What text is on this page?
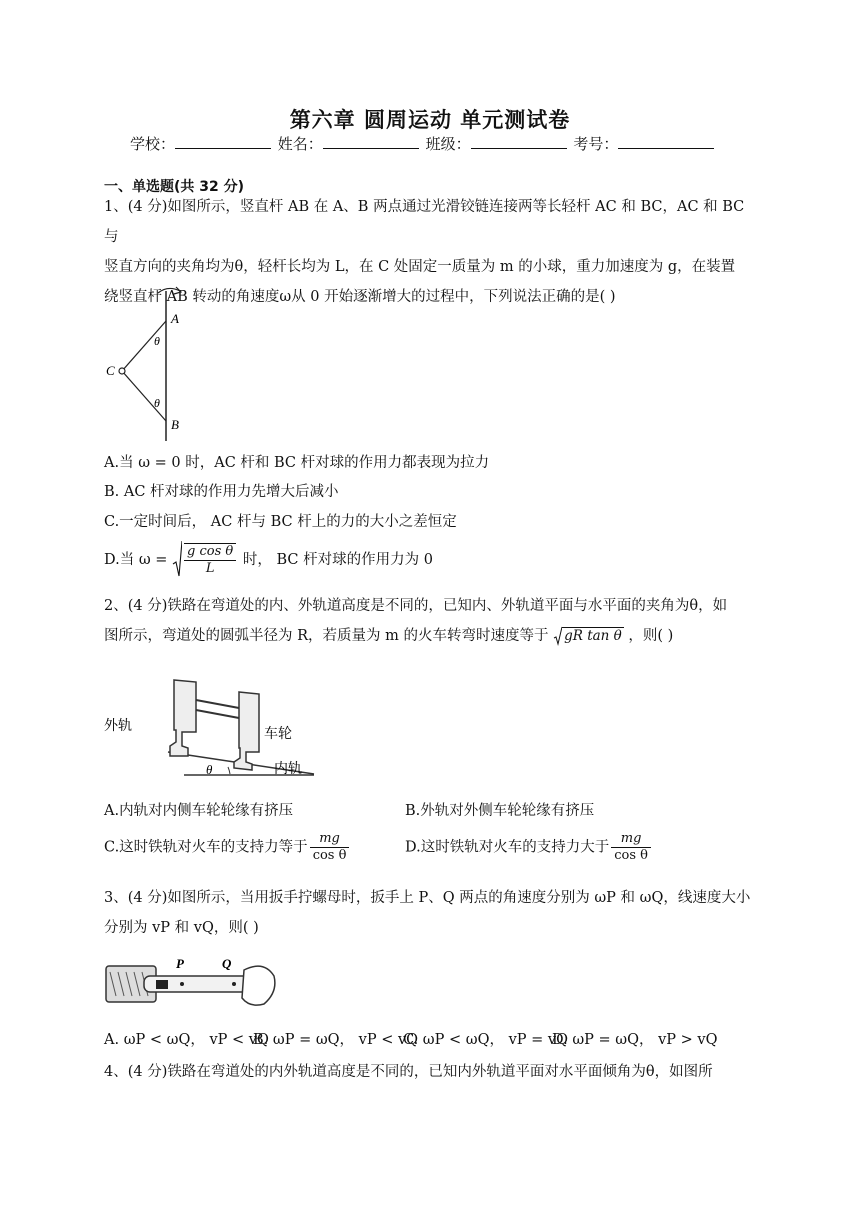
第六章 圆周运动 单元测试卷
学校：	姓名：	班级：	考号：
一、单选题(共 32 分)
1、(4 分)如图所示，竖直杆 AB 在 A、B 两点通过光滑铰链连接两等长轻杆 AC 和 BC，AC 和 BC 与
竖直方向的夹角均为θ，轻杆长均为 L，在 C 处固定一质量为 m 的小球，重力加速度为 g，在装置
绕竖直杆 AB 转动的角速度ω从 0 开始逐渐增大的过程中，下列说法正确的是( )
A
B
C
θ
θ
A.当 ω = 0 时，AC 杆和 BC 杆对球的作用力都表现为拉力
B. AC 杆对球的作用力先增大后减小
C.一定时间后， AC 杆与 BC 杆上的力的大小之差恒定
D.当 $\omega = \frac{\text{g cos θ}}{L}$ 时， BC 杆对球的作用力为 0
2、(4 分)铁路在弯道处的内、外轨道高度是不同的，已知内、外轨道平面与水平面的夹角为θ，如
图所示，弯道处的圆弧半径为 R，若质量为 m 的火车转弯时速度等于 gR tan θ ，则( )
外轨	车轮
内轨
θ
A.内轨对内侧车轮轮缘有挤压	B.外轨对外侧车轮轮缘有挤压
C.这时铁轨对火车的支持力等于 $\frac{mg}{\text{cos θ}}$	D.这时铁轨对火车的支持力大于 $\frac{mg}{\text{cos θ}}$
3、(4 分)如图所示，当用扳手拧螺母时，扳手上 P、Q 两点的角速度分别为 ωP 和 ωQ，线速度大小
分别为 vP 和 vQ，则( )
P	Q
A. ωP < ωQ， vP < vQ
B. ωP = ωQ， vP < vQ
C. ωP < ωQ， vP = vQ
D. ωP = ωQ， vP > vQ
4、(4 分)铁路在弯道处的内外轨道高度是不同的，已知内外轨道平面对水平面倾角为θ，如图所
